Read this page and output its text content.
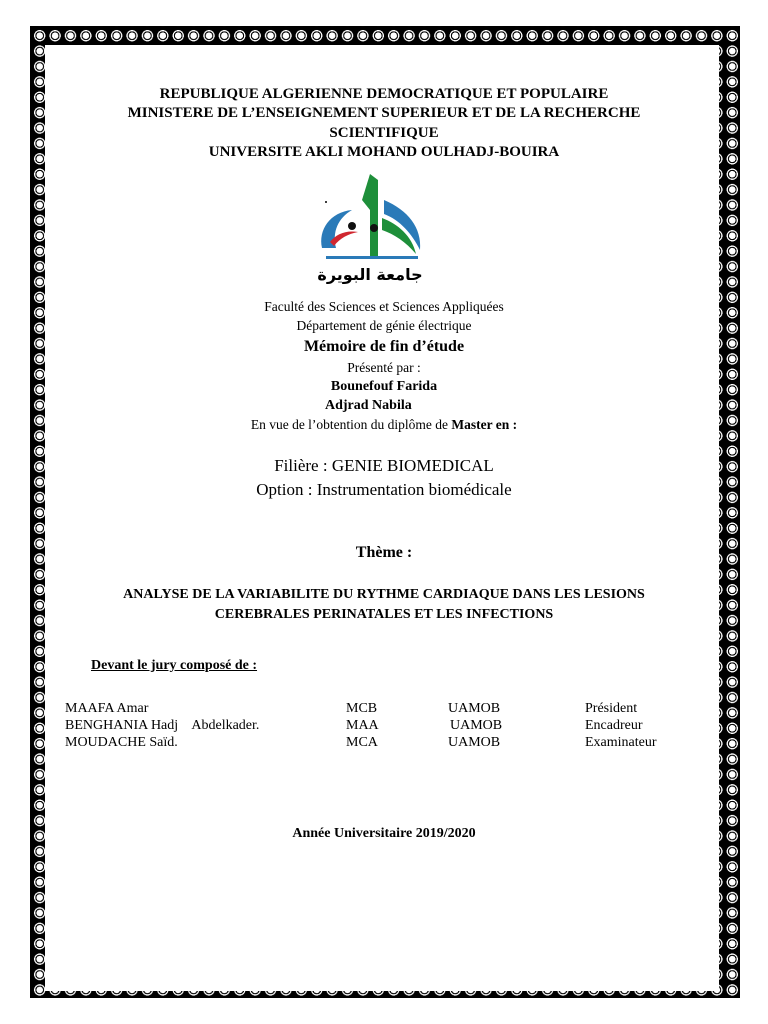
REPUBLIQUE ALGERIENNE DEMOCRATIQUE ET POPULAIRE
MINISTERE DE L’ENSEIGNEMENT SUPERIEUR ET DE LA RECHERCHE
SCIENTIFIQUE
UNIVERSITE AKLI MOHAND OULHADJ-BOUIRA
جامعة البويرة
Faculté des Sciences et Sciences Appliquées
Département de génie électrique
Mémoire de fin d’étude
Présenté par :
Bounefouf Farida
Adjrad Nabila
En vue de l’obtention du diplôme de Master en :
Filière : GENIE BIOMEDICAL
Option : Instrumentation biomédicale
Thème :
ANALYSE DE LA VARIABILITE DU RYTHME CARDIAQUE DANS LES LESIONS
CEREBRALES PERINATALES ET LES INFECTIONS
Devant le jury composé de :
MAAFA Amar	MCB	UAMOB	Président
BENGHANIA Hadj    Abdelkader.	MAA	UAMOB	Encadreur
MOUDACHE Saïd.	MCA	UAMOB	Examinateur
Année Universitaire 2019/2020
